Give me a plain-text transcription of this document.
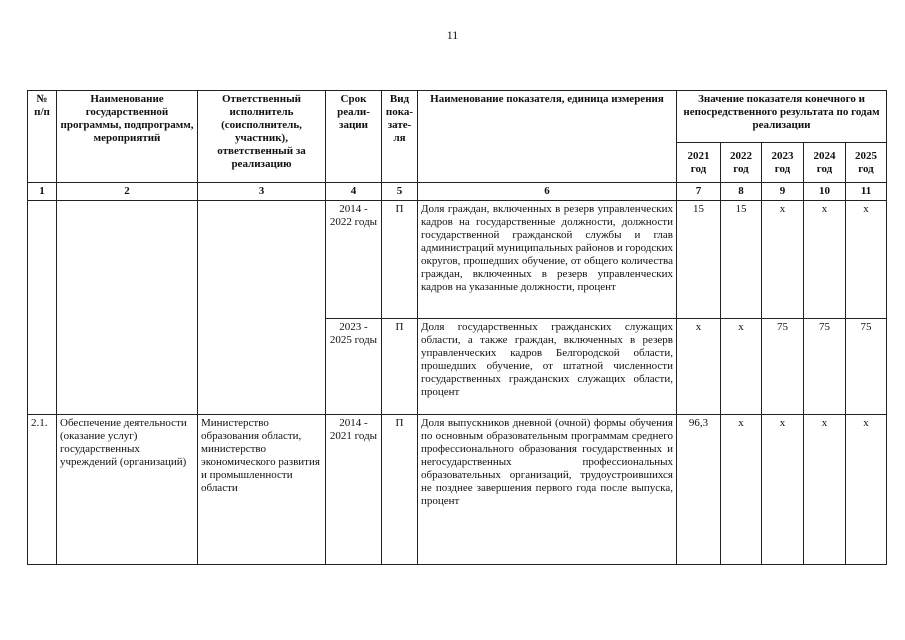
11
№ п/п	Наименование государственной программы, подпрограмм, мероприятий	Ответственный исполнитель (соисполнитель, участник), ответственный за реализацию	Срок реали-зации	Вид пока-зате-ля	Наименование показателя, единица измерения	Значение показателя конечного и непосредственного результата по годам реализации				
						2021 год	2022 год	2023 год	2024 год	2025 год
1	2	3	4	5	6	7	8	9	10	11
			2014 - 2022 годы	П	Доля граждан, включенных в резерв управленческих кадров на государственные должности, должности государственной гражданской службы и глав администраций муниципальных районов и городских округов, прошедших обучение, от общего количества граждан, включенных в резерв управленческих кадров на указанные должности, процент	15	15	х	х	х
			2023 - 2025 годы	П	Доля государственных гражданских служащих области, а также граждан, включенных в резерв управленческих кадров Белгородской области, прошедших обучение, от штатной численности государственных гражданских служащих области, процент	х	х	75	75	75
2.1.	Обеспечение деятельности (оказание услуг) государственных учреждений (организаций)	Министерство образования области, министерство экономического развития и промышленности области	2014 - 2021 годы	П	Доля выпускников дневной (очной) формы обучения по основным образовательным программам среднего профессионального образования государственных и негосударственных профессиональных образовательных организаций, трудоустроившихся не позднее завершения первого года после выпуска, процент	96,3	х	х	х	х
